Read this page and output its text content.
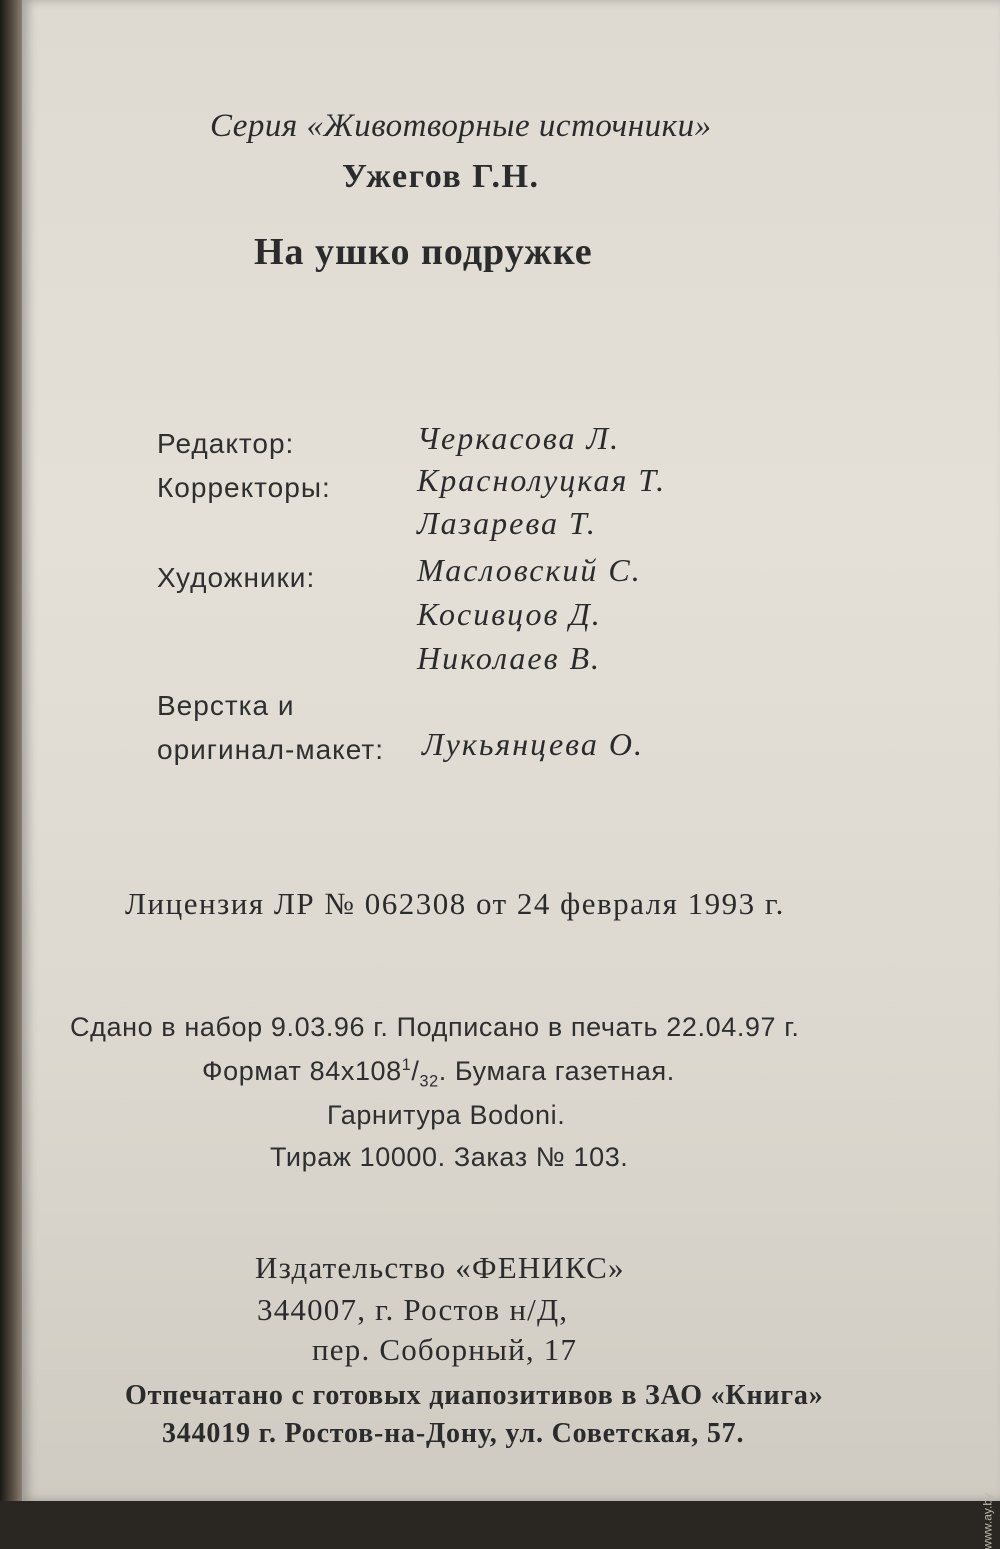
Серия «Животворные источники»
Ужегов Г.Н.
На ушко подружке
Редактор:	Черкасова Л.
Корректоры:	Краснолуцкая Т.
Лазарева Т.
Художники:	Масловский С.
Косивцов Д.
Николаев В.
Верстка и
оригинал-макет: Лукьянцева О.
Лицензия ЛР № 062308 от 24 февраля 1993 г.
Сдано в набор 9.03.96 г. Подписано в печать 22.04.97 г.
Формат $84х108^1/_{32}$. Бумага газетная.
Гарнитура Bodoni.
Тираж 10000. Заказ № 103.
Издательство «ФЕНИКС»
344007, г. Ростов н/Д,
пер. Соборный, 17
Отпечатано с готовых диапозитивов в ЗАО «Книга»
344019 г. Ростов-на-Дону, ул. Советская, 57.
www.ay.by
